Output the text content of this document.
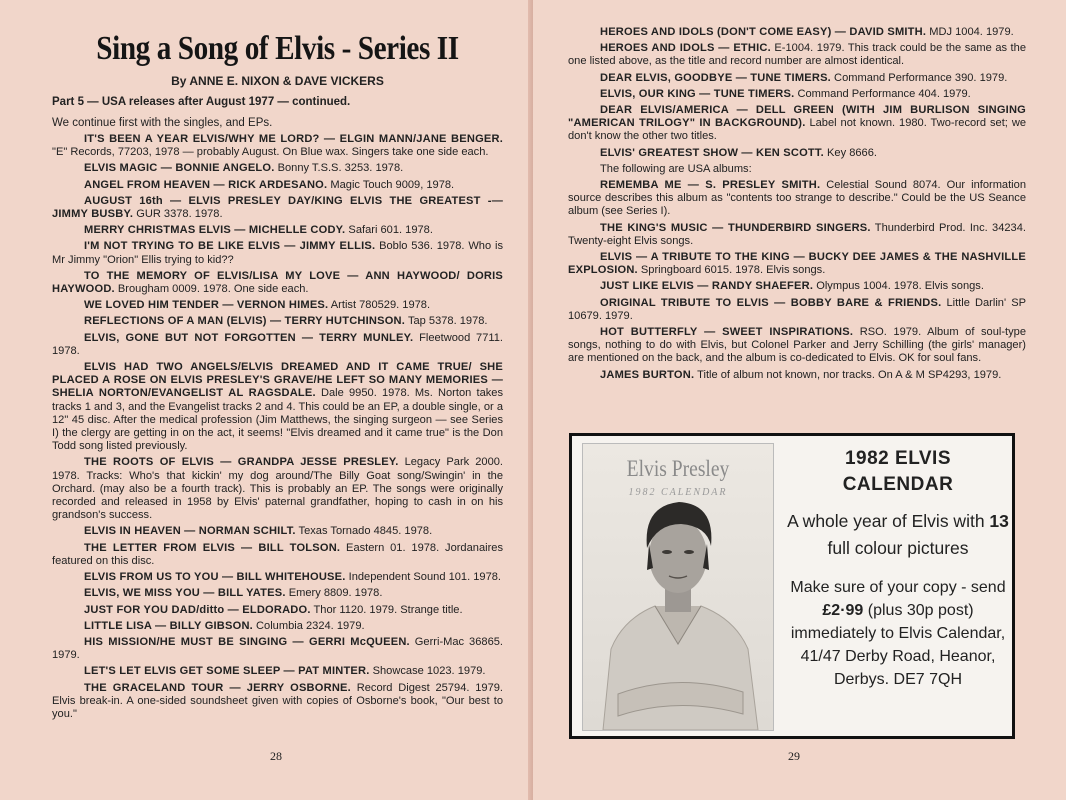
Sing a Song of Elvis - Series II
By ANNE E. NIXON & DAVE VICKERS
Part 5 — USA releases after August 1977 — continued.
We continue first with the singles, and EPs.

IT'S BEEN A YEAR ELVIS/WHY ME LORD? — ELGIN MANN/JANE BENGER. "E" Records, 77203, 1978 — probably August. On Blue wax. Singers take one side each.

ELVIS MAGIC — BONNIE ANGELO. Bonny T.S.S. 3253. 1978.

ANGEL FROM HEAVEN — RICK ARDESANO. Magic Touch 9009, 1978.

AUGUST 16th — ELVIS PRESLEY DAY/KING ELVIS THE GREATEST -— JIMMY BUSBY. GUR 3378. 1978.

MERRY CHRISTMAS ELVIS — MICHELLE CODY. Safari 601. 1978.

I'M NOT TRYING TO BE LIKE ELVIS — JIMMY ELLIS. Boblo 536. 1978. Who is Mr Jimmy "Orion" Ellis trying to kid??

TO THE MEMORY OF ELVIS/LISA MY LOVE — ANN HAYWOOD/ DORIS HAYWOOD. Brougham 0009. 1978. One side each.

WE LOVED HIM TENDER — VERNON HIMES. Artist 780529. 1978.

REFLECTIONS OF A MAN (ELVIS) — TERRY HUTCHINSON. Tap 5378. 1978.

ELVIS, GONE BUT NOT FORGOTTEN — TERRY MUNLEY. Fleetwood 7711. 1978.

ELVIS HAD TWO ANGELS/ELVIS DREAMED AND IT CAME TRUE/ SHE PLACED A ROSE ON ELVIS PRESLEY'S GRAVE/HE LEFT SO MANY MEMORIES — SHELIA NORTON/EVANGELIST AL RAGSDALE. Dale 9950. 1978. Ms. Norton takes tracks 1 and 3, and the Evangelist tracks 2 and 4. This could be an EP, a double single, or a 12" 45 disc. After the medical profession (Jim Matthews, the singing surgeon — see Series I) the clergy are getting in on the act, it seems! "Elvis dreamed and it came true" is the Don Todd song listed previously.

THE ROOTS OF ELVIS — GRANDPA JESSE PRESLEY. Legacy Park 2000. 1978. Tracks: Who's that kickin' my dog around/The Billy Goat song/Swingin' in the Orchard. (may also be a fourth track). This is probably an EP. The songs were originally recorded and released in 1958 by Elvis' paternal grandfather, hoping to cash in on his grandson's success.

ELVIS IN HEAVEN — NORMAN SCHILT. Texas Tornado 4845. 1978.

THE LETTER FROM ELVIS — BILL TOLSON. Eastern 01. 1978. Jordanaires featured on this disc.

ELVIS FROM US TO YOU — BILL WHITEHOUSE. Independent Sound 101. 1978.

ELVIS, WE MISS YOU — BILL YATES. Emery 8809. 1978.

JUST FOR YOU DAD/ditto — ELDORADO. Thor 1120. 1979. Strange title.

LITTLE LISA — BILLY GIBSON. Columbia 2324. 1979.

HIS MISSION/HE MUST BE SINGING — GERRI McQUEEN. Gerri-Mac 36865. 1979.

LET'S LET ELVIS GET SOME SLEEP — PAT MINTER. Showcase 1023. 1979.

THE GRACELAND TOUR — JERRY OSBORNE. Record Digest 25794. 1979. Elvis break-in. A one-sided soundsheet given with copies of Osborne's book, "Our best to you."

28

HEROES AND IDOLS (DON'T COME EASY) — DAVID SMITH. MDJ 1004. 1979.

HEROES AND IDOLS — ETHIC. E-1004. 1979. This track could be the same as the one listed above, as the title and record number are almost identical.

DEAR ELVIS, GOODBYE — TUNE TIMERS. Command Performance 390. 1979.

ELVIS, OUR KING — TUNE TIMERS. Command Performance 404. 1979.

DEAR ELVIS/AMERICA — DELL GREEN (WITH JIM BURLISON SINGING "AMERICAN TRILOGY" IN BACKGROUND). Label not known. 1980. Two-record set; we don't know the other two titles.

ELVIS' GREATEST SHOW — KEN SCOTT. Key 8666.

The following are USA albums:

REMEMBA ME — S. PRESLEY SMITH. Celestial Sound 8074. Our information source describes this album as "contents too strange to describe." Could be the US Seance album (see Series I).

THE KING'S MUSIC — THUNDERBIRD SINGERS. Thunderbird Prod. Inc. 34234. Twenty-eight Elvis songs.

ELVIS — A TRIBUTE TO THE KING — BUCKY DEE JAMES & THE NASHVILLE EXPLOSION. Springboard 6015. 1978. Elvis songs.

JUST LIKE ELVIS — RANDY SHAEFER. Olympus 1004. 1978. Elvis songs.

ORIGINAL TRIBUTE TO ELVIS — BOBBY BARE & FRIENDS. Little Darlin' SP 10679. 1979.

HOT BUTTERFLY — SWEET INSPIRATIONS. RSO. 1979. Album of soul-type songs, nothing to do with Elvis, but Colonel Parker and Jerry Schilling (the girls' manager) are mentioned on the back, and the album is co-dedicated to Elvis. OK for soul fans.

JAMES BURTON. Title of album not known, nor tracks. On A & M SP4293, 1979.

Elvis Presley
1982 CALENDAR
1982 ELVIS
CALENDAR
A whole year of Elvis with 13 full colour pictures
Make sure of your copy - send £2·99 (plus 30p post) immediately to Elvis Calendar, 41/47 Derby Road, Heanor, Derbys. DE7 7QH
29
